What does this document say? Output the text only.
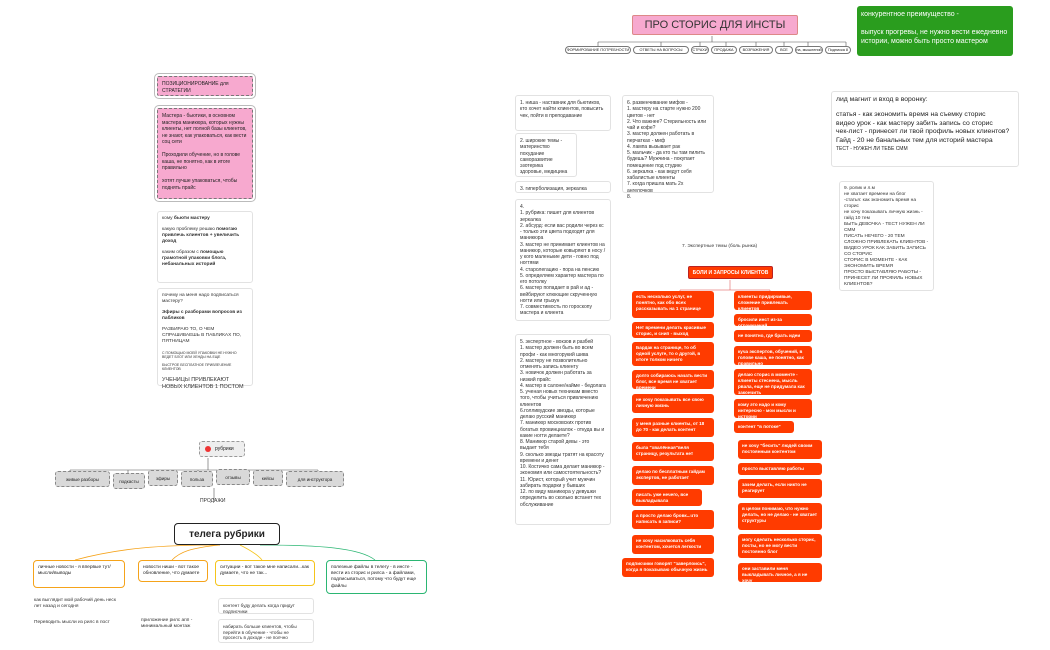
ПРО СТОРИС ДЛЯ ИНСТЫ
конкурентное преимущество -

выпуск прогревы, не нужно вести ежедневно истории, можно быть просто мастером
ФОРМИРОВАНИЕ ПОТРЕБНОСТИ	ОТВЕТЫ НА ВОПРОСЫ	СТРАХИ	ПРОДАЖА	ВОЗРАЖЕНИЯ	ВСЕ	на, мышлений	Подписка 8
ПОЗИЦИОНИРОВАНИЕ для СТРАТЕГИИ
Мастера - бьютики, в основном мастера маникюра, которых нужны клиенты, нет полной базы клиентов, не знают, как упаковаться, как вести соц сети

Проходили обучение, но в голове каша, не понятно, как в итоге правильно

хотят лучше упаковаться, чтобы поднять прайс
кому бьюти мастеру
какую проблему решаю помогаю привлечь клиентов + увеличить доход
каким образом с помощью грамотной упаковки блога, небанальных историй
почему на меня надо подписаться мастеру?
Эфиры с разборами вопросов из пабликов
РАЗБИРАЮ ТО, О ЧЕМ СПРАШИВАЕШЬ В ПАБЛИКАХ ПО, ПЯТНИЦАМ
С ПОМОЩЬЮ МОЕЙ УПАКОВКИ НЕ НУЖНО ВЕДЕТ БЛОГ ИЛИ ХЕНДЫ НА ЕЩЕ
БЫСТРОЕ БЕСПЛАТНОЕ ПРИВЛЕЧЕНИЕ КЛИЕНТОВ
УЧЕНИЦЫ ПРИВЛЕКАЮТ НОВЫХ КЛИЕНТОВ 1 ПОСТОМ
рубрики
живые разборы	подкасты
эфиры	польза	отзывы	кейсы	для инструктора
ПРОДАЖИ
телега рубрики
личные новости - я впервые тут/ мысли/выводы
новости ниши - вот такое обновление, что думаете
ситуации - вот такое мне написали...как думаете, что не так...
полезные файлы в телегу - в инсте - вести из сторис и рилса - а файлами, подписываться, потому что будут еще файлы
как выглядит мой рабочий день неск лет назад и сегодня
Переводить мысли из рилс в пост	приложение рилс апп - минимальный монтаж
контент буду делать когда придут подписчики
набирать больше клиентов, чтобы перейти в обучение - чтобы не просесть в доходе - не полчно
1. ниша - наставник для бьютиков, кто хочет найти клиентов, повысить чек, пойти в преподавание
2. широкие темы -
материнство
похудание
саморазвитие
эзотерика
здоровье, медицина
3. гиперболизация, зеркалка
4.
1. рубрика: пишет для клиентов зеркалка
2. абсурд: если вас родили через кс - только эти цвета подходят для маникюра
3. мастер не принимает клиентов на маникюр, которые ковыряют в носу / у кого маленькие дети - говно под ногтями
4. старолегацию - пора на пенсию
5. определяем характер мастера по его потолку
6. мастер попадает в рай и ад - вейбируют клюющие скрученную ногти или грызун
7. совместимость по гороскопу мастера и клиента
5. экспертное - вокзов и разбей
1. мастер должен быть во всем профи - как многорукий шива
2. мастеру не позволительно отменять запись клиенту
3. новичок должен работать за низкий прайс
4. мастер в салоне/найме - бедолага
5. ученая новых техникам вместо того, чтобы учиться привлечению клиентов
6.голливудские звезды, которые делаю русский маникюр
7. маникюр московских против богатых провинциалок - откуда вы и какие ногти делаете?
8. Маникюр старой девы - это выдает тебя
9. сколько звезды тратят на красоту времени и денег
10. Костичко сама делает маникюр - экономия или самостоятельность?
11. Юрист, который учит мужчин забирать подарки у бывших
12. по виду маникюра у девушки определить во сколько встанет тех обслуживание
6. развенчивание мифов -
1. мастеру на старте нужно 200 цветов - нет
2. Что важнее? Стерильность или чай и кофе?
3. мастер должен работать в перчатках - миф
4. лампа вызывает рак
5. мальчик - да кто ты там пилить будешь? Мужчина - покупает помещение под студию
6. зеркалка - как ведут себя хабалистые клиенты
7. когда пришла мать 2х ангелочков
8.
7. Экспертные темы (боль рынка)
БОЛИ И ЗАПРОСЫ КЛИЕНТОВ
есть несколько услуг, не понятно, как обо всех рассказывать на 1 странице
Нет времени делать красивые сторис, и снип - выход
Бардак на странице, то об одной услуге, то о другой, в итоге толком ничего
долго собираюсь начать вести блог, все время не хватает времени
не хочу показывать все свою личную жизнь
у меня разные клиенты, от 18 до 70 - как делать контент
была "хвалённая"веля страницу, результата нет
делаю по бесплатным гайдам экспертов, не работает
писать уже нечего, все выкладывала
а просто делаю бровк...что написать в записи?
не хочу насилковать себя контентом, хочется легкости
подписчики говорят "заверлоись", когда я показываю обычную жизнь
клиенты придирчивые, сложение привлекать клиентов
бросили инст из-за ограничений
не понятно, где брать идеи
куча экспертов, обучений, в голове каша, не понятно, как правильно
делаю сторис в моменте - клиенты стеснена, мысль рвала, еще не придумала как закончить
кому это надо и кому интересно - мои мысли и истории
контент "в потоке"
не хочу "бесить" людей своим постоянным контентом
просто выставляю работы
зачем делать, если никто не реагирует
в целом понимаю, что нужно делать, но не делаю - не хватает структуры
могу сделать несколько сторис, посты, но не могу вести постоянно блог
они заставили меня выкладывать личное, а я не хочу
лид магнит и вход в воронку:
статья - как экономить время на съемку сторис
видео урок - как мастеру забить запись со сторис
чек-лист - принесет ли твой профиль новых клиентов?
Гайд - 20 не банальных тем для историй мастера
ТЕСТ - НУЖЕН ЛИ ТЕБЕ СММ
9. ролик и л.м
не хватает времени на блог
-статья: как экономить время на сторис
не хочу показывать личную жизнь - гайд 10 тем
БЫТЬ ДЕВОЧКА - ТЕСТ НУЖЕН ЛИ СММ
ПИСАТЬ НЕЧЕГО - 20 ТЕМ
СЛОЖНО ПРИВЛЕКАТЬ КЛИЕНТОВ - ВИДЕО УРОК КАК ЗАБИТЬ ЗАПИСЬ СО СТОРИС
СТОРИС В МОМЕНТЕ - КАК ЭКОНОМИТЬ ВРЕМЯ
ПРОСТО ВЫСТАВЛЯЮ РАБОТЫ - ПРИНЕСЕТ ЛИ ПРОФИЛЬ НОВЫХ КЛИЕНТОВ?
